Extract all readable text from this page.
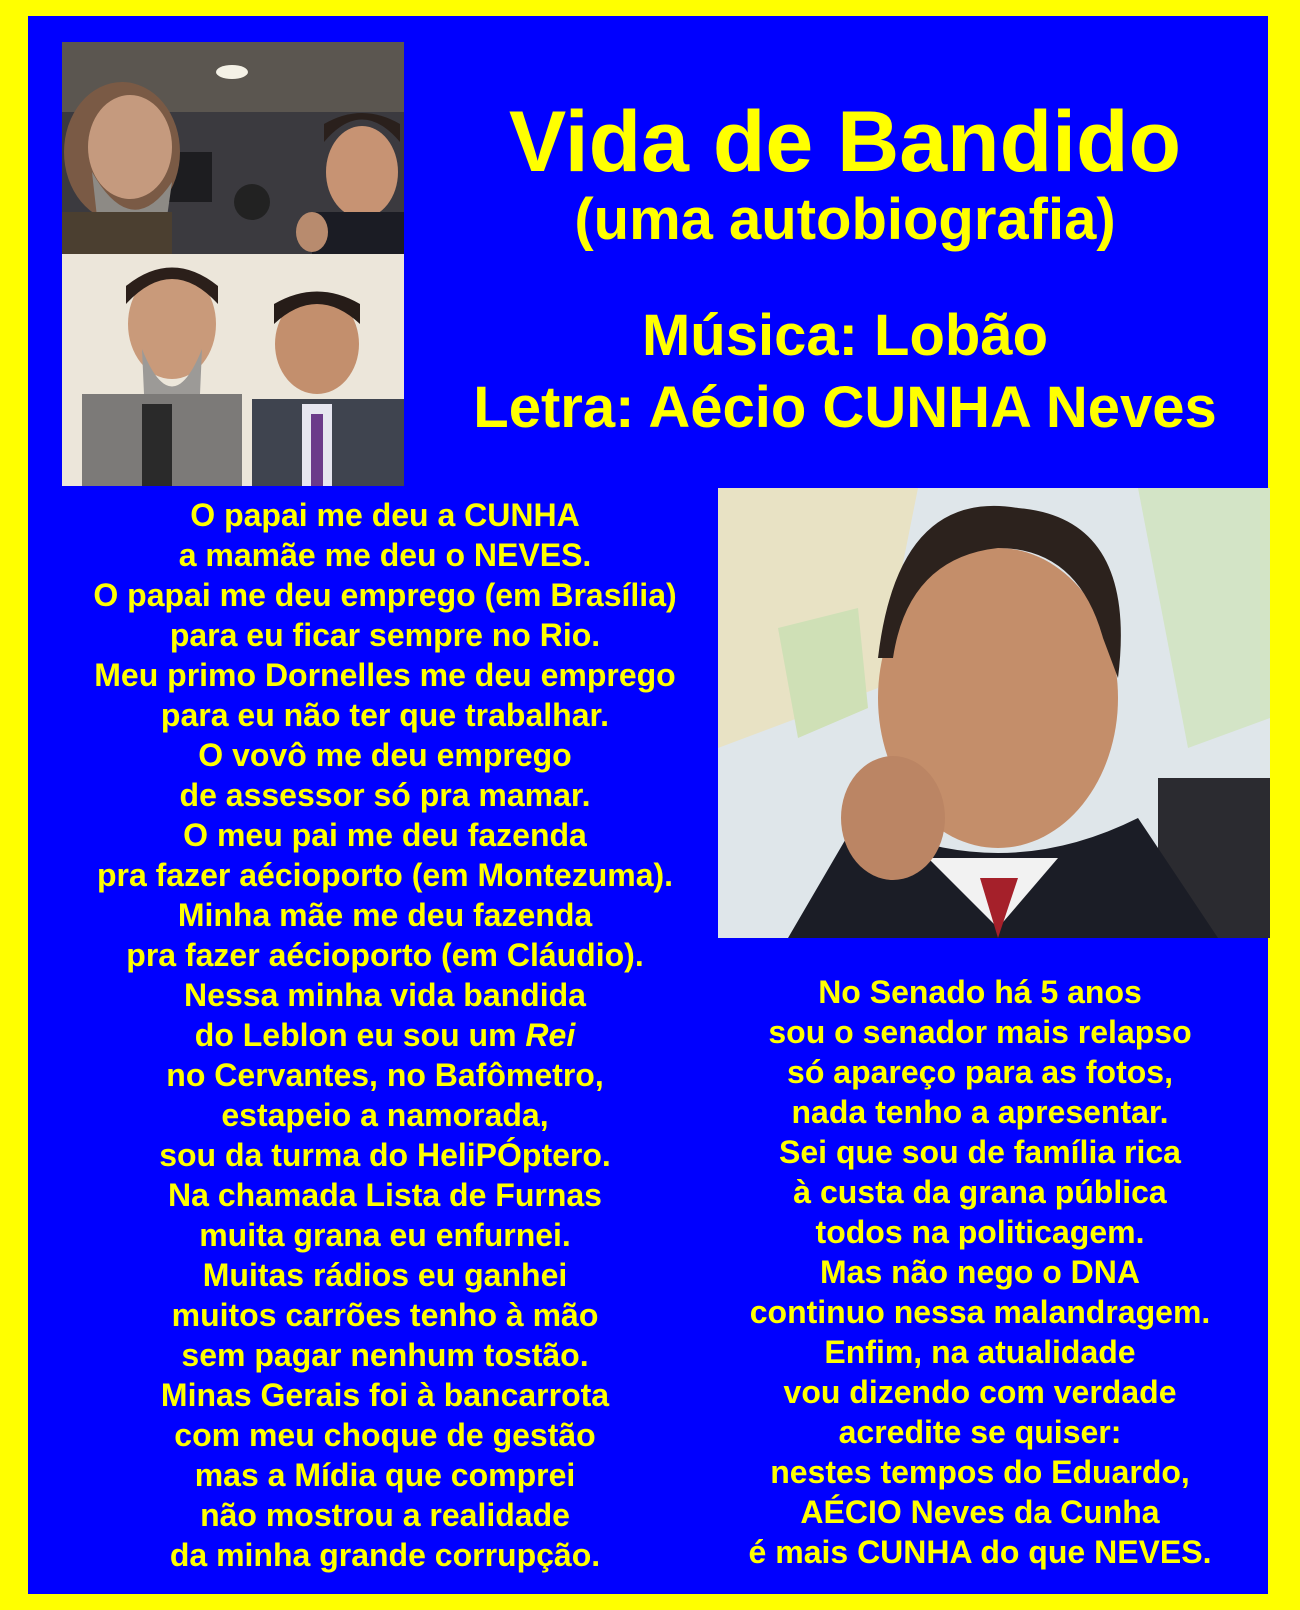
Vida de Bandido
(uma autobiografia)
Música: Lobão
Letra: Aécio CUNHA Neves
O papai me deu a CUNHA
a mamãe me deu o NEVES.
O papai me deu emprego (em Brasília)
para eu ficar sempre no Rio.
Meu primo Dornelles me deu emprego
para eu não ter que trabalhar.
O vovô me deu emprego
de assessor só pra mamar.
O meu pai me deu fazenda
pra fazer aécioporto (em Montezuma).
Minha mãe me deu fazenda
pra fazer aécioporto (em Cláudio).
Nessa minha vida bandida
do Leblon eu sou um Rei
no Cervantes, no Bafômetro,
estapeio a namorada,
sou da turma do HeliPÓptero.
Na chamada Lista de Furnas
muita grana eu enfurnei.
Muitas rádios eu ganhei
muitos carrões tenho à mão
sem pagar nenhum tostão.
Minas Gerais foi à bancarrota
com meu choque de gestão
mas a Mídia que comprei
não mostrou a realidade
da minha grande corrupção.
No Senado há 5 anos
sou o senador mais relapso
só apareço para as fotos,
nada tenho a apresentar.
Sei que sou de família rica
à custa da grana pública
todos na politicagem.
Mas não nego o DNA
continuo nessa malandragem.
Enfim, na atualidade
vou dizendo com verdade
acredite se quiser:
nestes tempos do Eduardo,
AÉCIO Neves da Cunha
é mais CUNHA do que NEVES.
